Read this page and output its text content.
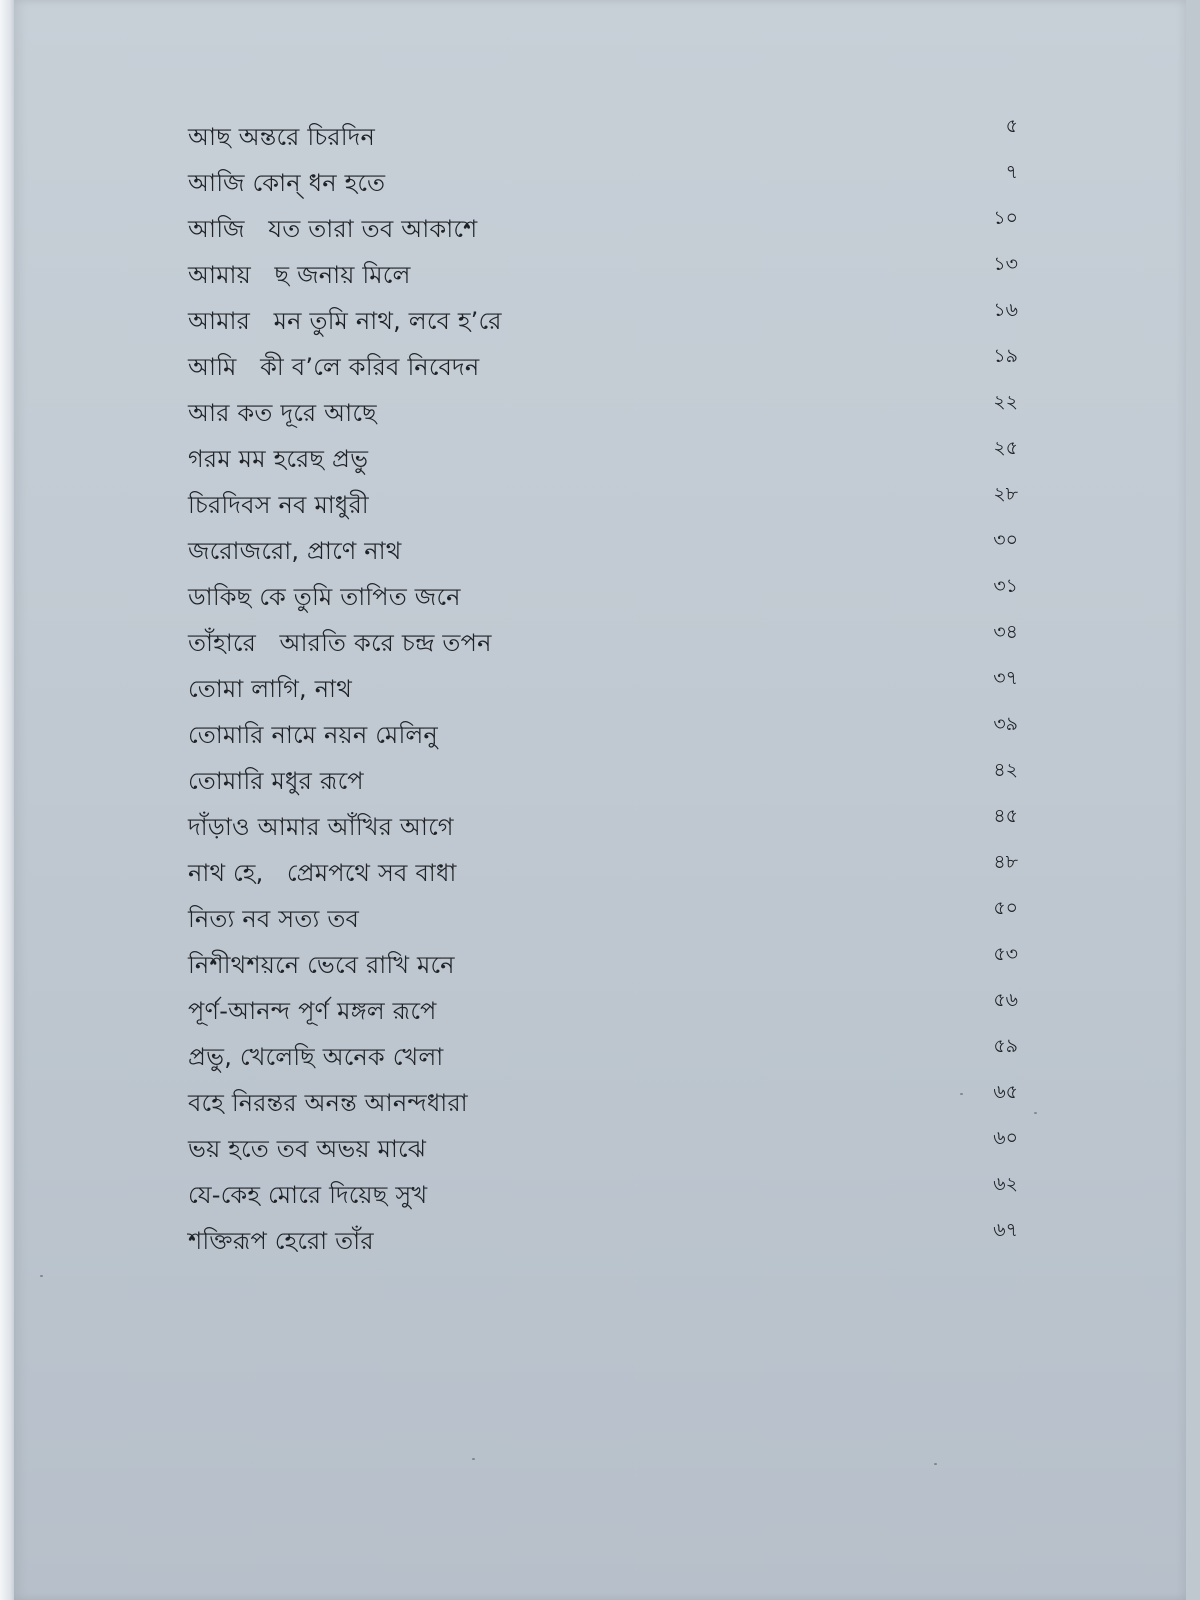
আছ অন্তরে চিরদিন	৫
আজি কোন্ ধন হতে	৭
আজি   যত তারা তব আকাশে	১০
আমায়   ছ জনায় মিলে	১৩
আমার   মন তুমি নাথ, লবে হ’রে	১৬
আমি   কী ব’লে করিব নিবেদন	১৯
আর কত দূরে আছে	২২
গরম মম হরেছ প্রভু	২৫
চিরদিবস নব মাধুরী	২৮
জরোজরো, প্রাণে নাথ	৩০
ডাকিছ কে তুমি তাপিত জনে	৩১
তাঁহারে   আরতি করে চন্দ্র তপন	৩৪
তোমা লাগি, নাথ	৩৭
তোমারি নামে নয়ন মেলিনু	৩৯
তোমারি মধুর রূপে	৪২
দাঁড়াও আমার আঁখির আগে	৪৫
নাথ হে,   প্রেমপথে সব বাধা	৪৮
নিত্য নব সত্য তব	৫০
নিশীথশয়নে ভেবে রাখি মনে	৫৩
পূর্ণ-আনন্দ পূর্ণ মঙ্গল রূপে	৫৬
প্রভু, খেলেছি অনেক খেলা	৫৯
বহে নিরন্তর অনন্ত আনন্দধারা	৬৫
ভয় হতে তব অভয় মাঝে	৬০
যে-কেহ মোরে দিয়েছ সুখ	৬২
শক্তিরূপ হেরো তাঁর	৬৭
